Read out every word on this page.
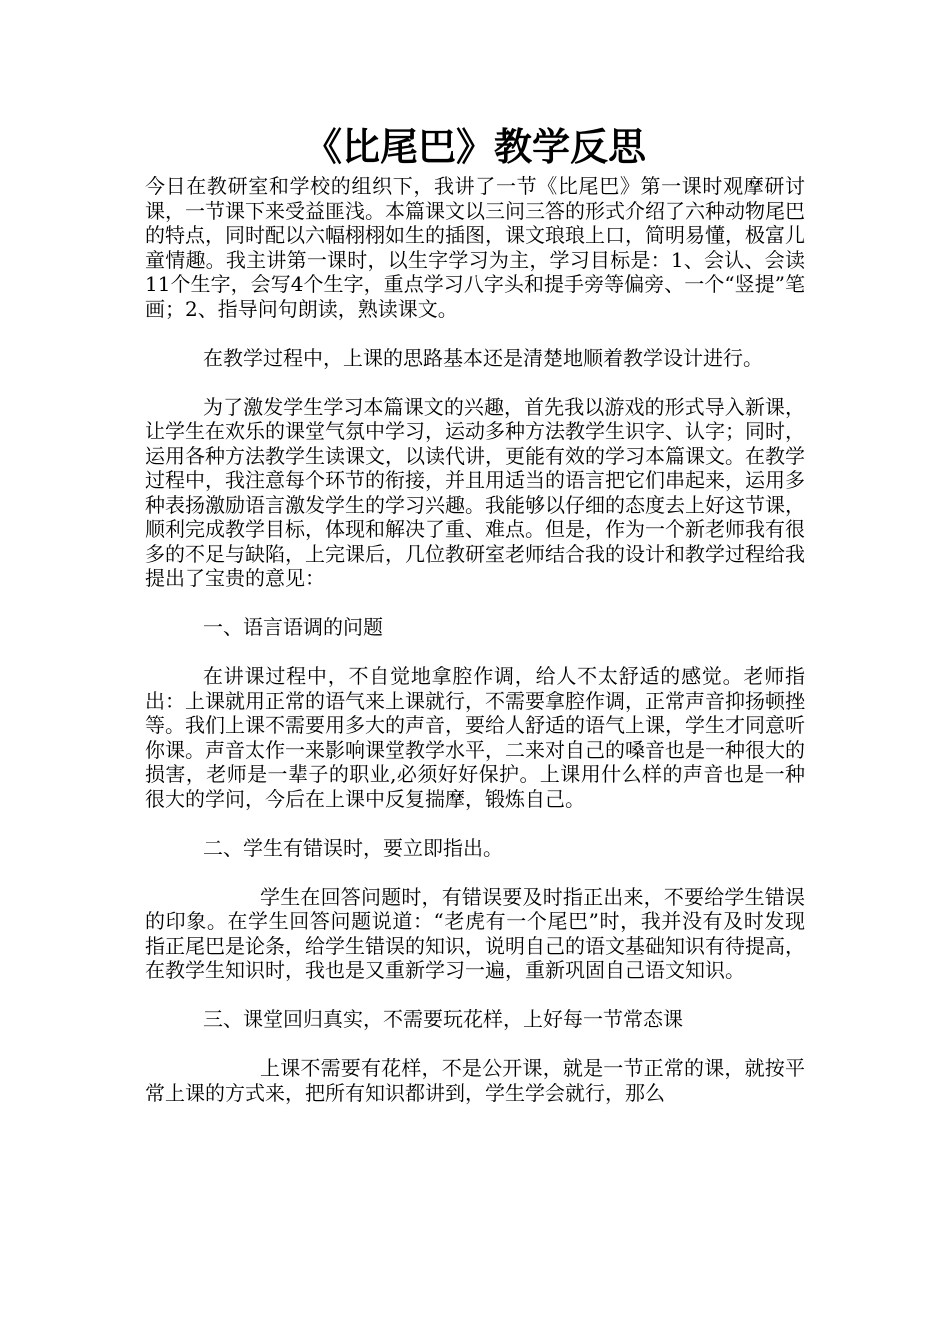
《比尾巴》教学反思

今日在教研室和学校的组织下，我讲了一节《比尾巴》第一课时观摩研讨课，一节课下来受益匪浅。本篇课文以三问三答的形式介绍了六种动物尾巴的特点，同时配以六幅栩栩如生的插图，课文琅琅上口，简明易懂，极富儿童情趣。我主讲第一课时，以生字学习为主，学习目标是：1、会认、会读11个生字，会写4个生字，重点学习八字头和提手旁等偏旁、一个“竖提”笔画；2、指导问句朗读，熟读课文。

在教学过程中，上课的思路基本还是清楚地顺着教学设计进行。

为了激发学生学习本篇课文的兴趣，首先我以游戏的形式导入新课，让学生在欢乐的课堂气氛中学习，运动多种方法教学生识字、认字；同时，运用各种方法教学生读课文，以读代讲，更能有效的学习本篇课文。在教学过程中，我注意每个环节的衔接，并且用适当的语言把它们串起来，运用多种表扬激励语言激发学生的学习兴趣。我能够以仔细的态度去上好这节课，顺利完成教学目标，体现和解决了重、难点。但是，作为一个新老师我有很多的不足与缺陷，上完课后，几位教研室老师结合我的设计和教学过程给我提出了宝贵的意见：

一、语言语调的问题

在讲课过程中，不自觉地拿腔作调，给人不太舒适的感觉。老师指出：上课就用正常的语气来上课就行，不需要拿腔作调，正常声音抑扬顿挫等。我们上课不需要用多大的声音，要给人舒适的语气上课，学生才同意听你课。声音太作一来影响课堂教学水平，二来对自己的嗓音也是一种很大的损害，老师是一辈子的职业,必须好好保护。上课用什么样的声音也是一种很大的学问，今后在上课中反复揣摩，锻炼自己。

二、学生有错误时，要立即指出。

学生在回答问题时，有错误要及时指正出来，不要给学生错误的印象。在学生回答问题说道：“老虎有一个尾巴”时，我并没有及时发现指正尾巴是论条，给学生错误的知识，说明自己的语文基础知识有待提高，在教学生知识时，我也是又重新学习一遍，重新巩固自己语文知识。

三、课堂回归真实，不需要玩花样，上好每一节常态课

上课不需要有花样，不是公开课，就是一节正常的课，就按平常上课的方式来，把所有知识都讲到，学生学会就行，那么
